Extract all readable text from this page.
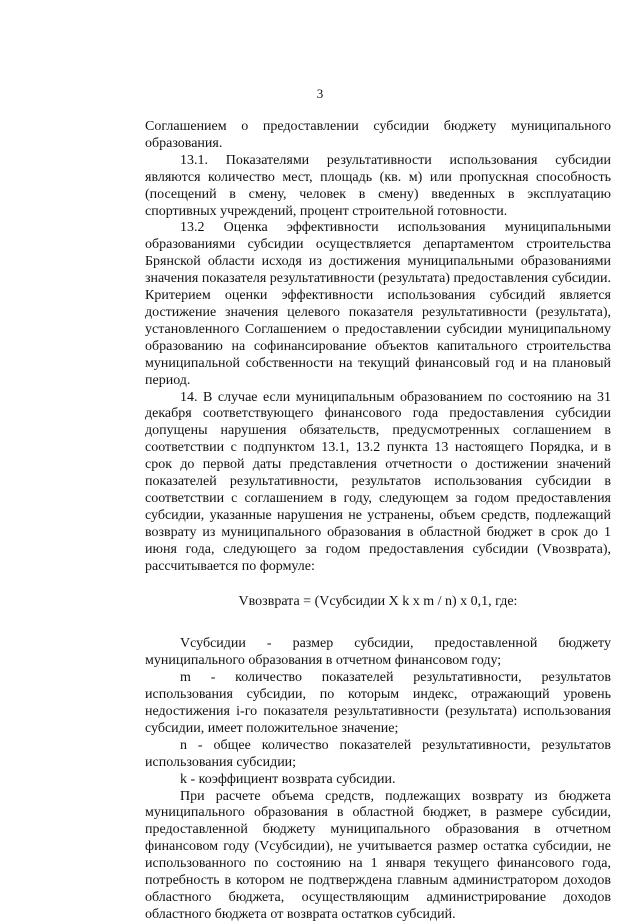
3

Соглашением о предоставлении субсидии бюджету муниципального образования.

13.1. Показателями результативности использования субсидии являются количество мест, площадь (кв. м) или пропускная способность (посещений в смену, человек в смену) введенных в эксплуатацию спортивных учреждений, процент строительной готовности.

13.2 Оценка эффективности использования муниципальными образованиями субсидии осуществляется департаментом строительства Брянской области исходя из достижения муниципальными образованиями значения показателя результативности (результата) предоставления субсидии. Критерием оценки эффективности использования субсидий является достижение значения целевого показателя результативности (результата), установленного Соглашением о предоставлении субсидии муниципальному образованию на софинансирование объектов капитального строительства муниципальной собственности на текущий финансовый год и на плановый период.

14. В случае если муниципальным образованием по состоянию на 31 декабря соответствующего финансового года предоставления субсидии допущены нарушения обязательств, предусмотренных соглашением в соответствии с подпунктом 13.1, 13.2 пункта 13 настоящего Порядка, и в срок до первой даты представления отчетности о достижении значений показателей результативности, результатов использования субсидии в соответствии с соглашением в году, следующем за годом предоставления субсидии, указанные нарушения не устранены, объем средств, подлежащий возврату из муниципального образования в областной бюджет в срок до 1 июня года, следующего за годом предоставления субсидии (Vвозврата), рассчитывается по формуле:

Vвозврата = (Vсубсидии X k x m / n) x 0,1, где:

Vсубсидии - размер субсидии, предоставленной бюджету муниципального образования в отчетном финансовом году;

m - количество показателей результативности, результатов использования субсидии, по которым индекс, отражающий уровень недостижения i-го показателя результативности (результата) использования субсидии, имеет положительное значение;

n - общее количество показателей результативности, результатов использования субсидии;

k - коэффициент возврата субсидии.

При расчете объема средств, подлежащих возврату из бюджета муниципального образования в областной бюджет, в размере субсидии, предоставленной бюджету муниципального образования в отчетном финансовом году (Vсубсидии), не учитывается размер остатка субсидии, не использованного по состоянию на 1 января текущего финансового года, потребность в котором не подтверждена главным администратором доходов областного бюджета, осуществляющим администрирование доходов областного бюджета от возврата остатков субсидий.
